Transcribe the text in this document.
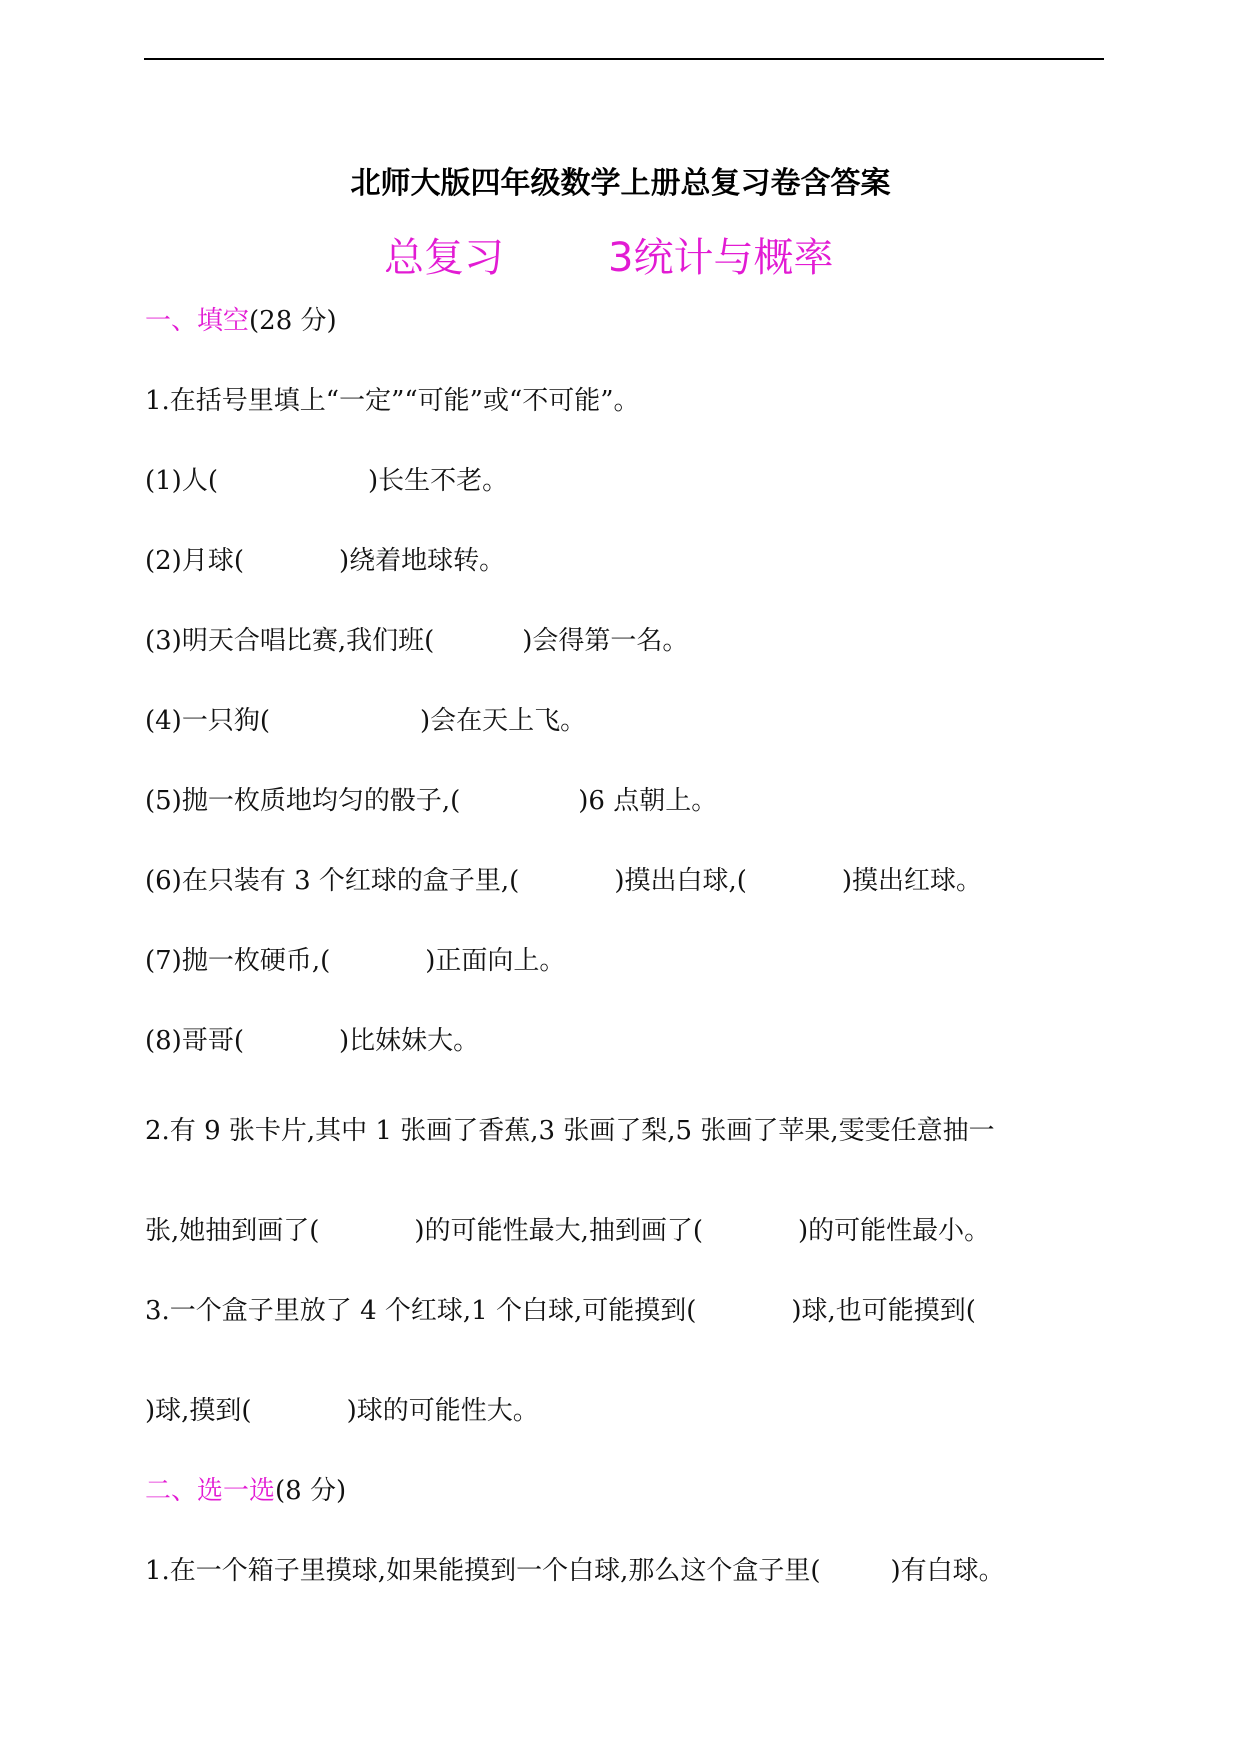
北师大版四年级数学上册总复习卷含答案
总复习	3统计与概率
一、填空(28 分)
1.在括号里填上“一定”“可能”或“不可能”。
(1)人(	)长生不老。
(2)月球(	)绕着地球转。
(3)明天合唱比赛,我们班(	)会得第一名。
(4)一只狗(	)会在天上飞。
(5)抛一枚质地均匀的骰子,(	)6 点朝上。
(6)在只装有 3 个红球的盒子里,(	)摸出白球,(	)摸出红球。
(7)抛一枚硬币,(	)正面向上。
(8)哥哥(	)比妹妹大。
2.有 9 张卡片,其中 1 张画了香蕉,3 张画了梨,5 张画了苹果,雯雯任意抽一
张,她抽到画了(	)的可能性最大,抽到画了(	)的可能性最小。
3.一个盒子里放了 4 个红球,1 个白球,可能摸到(	)球,也可能摸到(
)球,摸到(	)球的可能性大。
二、选一选(8 分)
1.在一个箱子里摸球,如果能摸到一个白球,那么这个盒子里(	)有白球。
